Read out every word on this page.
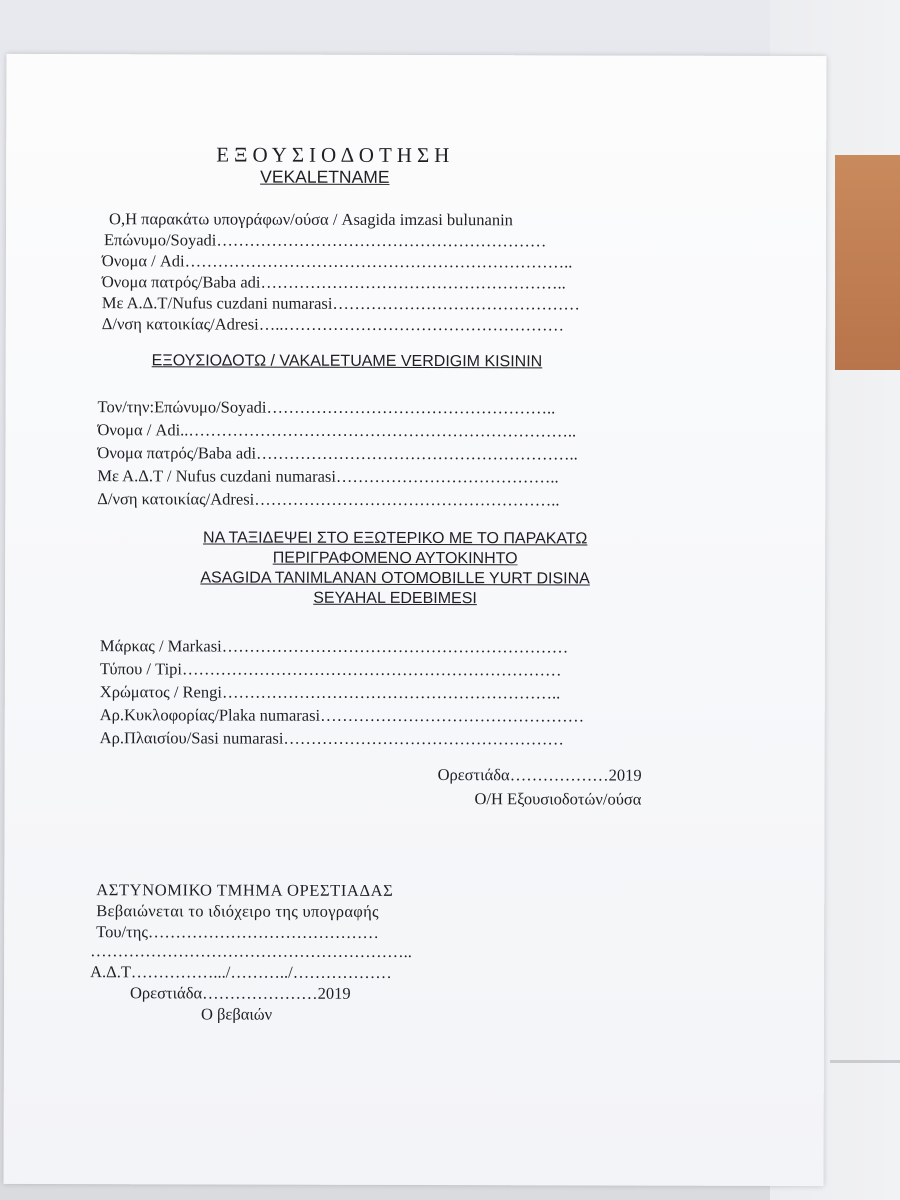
ΕΞΟΥΣΙΟΔΟΤΗΣΗ
VEKALETNAME
Ο,Η παρακάτω υπογράφων/ούσα / Asagida imzasi bulunanin
Επώνυμο/Soyadi……………………………………………………
Όνομα / Adi……………………………………………………………..
Όνομα πατρός/Baba adi………………………………………………..
Με Α.Δ.Τ/Nufus cuzdani numarasi………………………………………
Δ/νση κατοικίας/Adresi…..……………………………………………
ΕΞΟΥΣΙΟΔΟΤΩ / VAKALETUAME VERDIGIM KISININ
Τον/την:Επώνυμο/Soyadi……………………………………………..
Όνομα / Adi..……………………………………………………………..
Όνομα πατρός/Baba adi…………………………………………………..
Με Α.Δ.Τ / Nufus cuzdani numarasi…………………………………..
Δ/νση κατοικίας/Adresi………………………………………………..
ΝΑ ΤΑΞΙΔΕΨΕΙ ΣΤΟ ΕΞΩΤΕΡΙΚΟ ΜΕ ΤΟ ΠΑΡΑΚΑΤΩ
ΠΕΡΙΓΡΑΦΟΜΕΝΟ ΑΥΤΟΚΙΝΗΤΟ
ASAGIDA TANIMLANAN OTOMOBILLE YURT DISINA
SEYAHAL EDEBIMESI
Μάρκας / Markasi………………………………………………………
Τύπου / Tipi……………………………………………………………
Χρώματος / Rengi……………………………………………………..
Αρ.Κυκλοφορίας/Plaka numarasi…………………………………………
Αρ.Πλαισίου/Sasi numarasi……………………………………………
Ορεστιάδα………………2019
Ο/Η Εξουσιοδοτών/ούσα
ΑΣΤΥΝΟΜΙΚΟ ΤΜΗΜΑ ΟΡΕΣΤΙΑΔΑΣ
Βεβαιώνεται το ιδιόχειρο της υπογραφής
Του/της……………………………………
…………………………………………………..
Α.Δ.Τ…………….../………../………………
Ορεστιάδα…………………2019
Ο βεβαιών
